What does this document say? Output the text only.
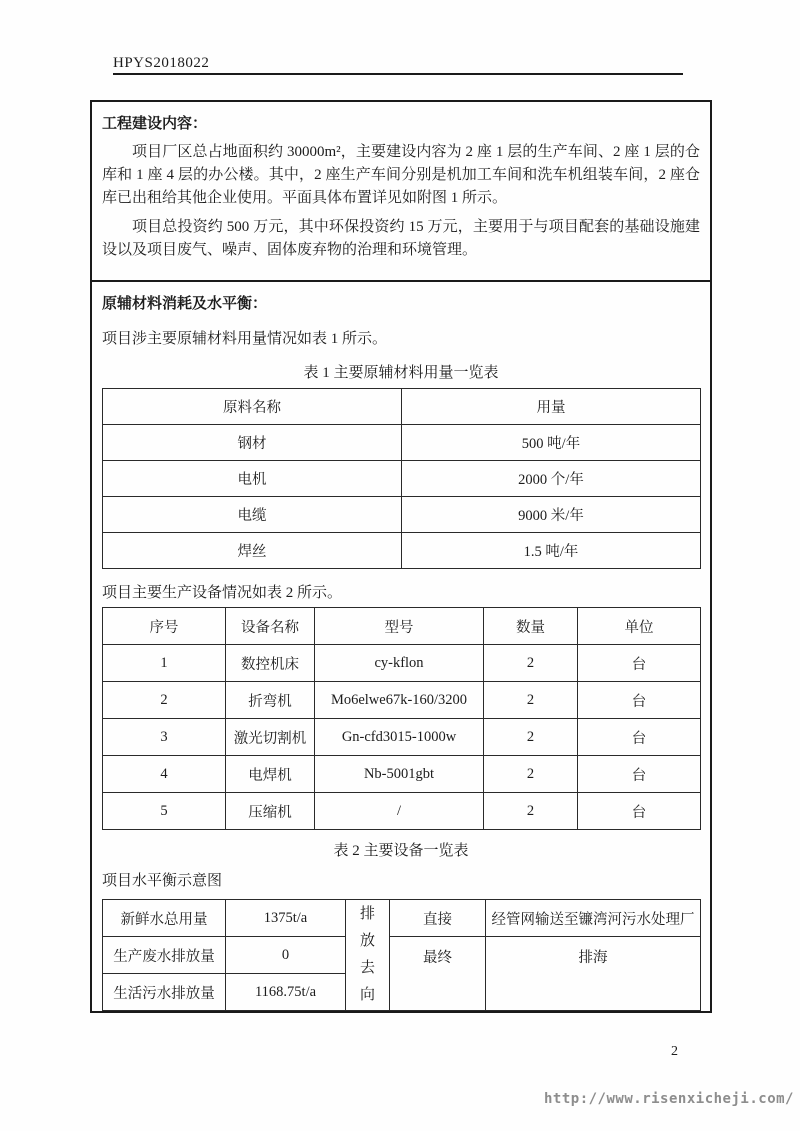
HPYS2018022
工程建设内容：

项目厂区总占地面积约 30000m²，主要建设内容为 2 座 1 层的生产车间、2 座 1 层的仓库和 1 座 4 层的办公楼。其中，2 座生产车间分别是机加工车间和洗车机组装车间，2 座仓库已出租给其他企业使用。平面具体布置详见如附图 1 所示。

项目总投资约 500 万元，其中环保投资约 15 万元，主要用于与项目配套的基础设施建设以及项目废气、噪声、固体废弃物的治理和环境管理。

原辅材料消耗及水平衡：

项目涉主要原辅材料用量情况如表 1 所示。

表 1 主要原辅材料用量一览表
原料名称	用量
钢材	500 吨/年
电机	2000 个/年
电缆	9000 米/年
焊丝	1.5 吨/年

项目主要生产设备情况如表 2 所示。

序号	设备名称	型号	数量	单位
1	数控机床	cy-kflon	2	台
2	折弯机	Mo6elwe67k-160/3200	2	台
3	激光切割机	Gn-cfd3015-1000w	2	台
4	电焊机	Nb-5001gbt	2	台
5	压缩机	/	2	台
表 2 主要设备一览表

项目水平衡示意图

新鲜水总用量	1375t/a	排放去向	直接	经管网输送至镰湾河污水处理厂
生产废水排放量	0		最终	排海
生活污水排放量	1168.75t/a			
2
http://www.risenxicheji.com/
